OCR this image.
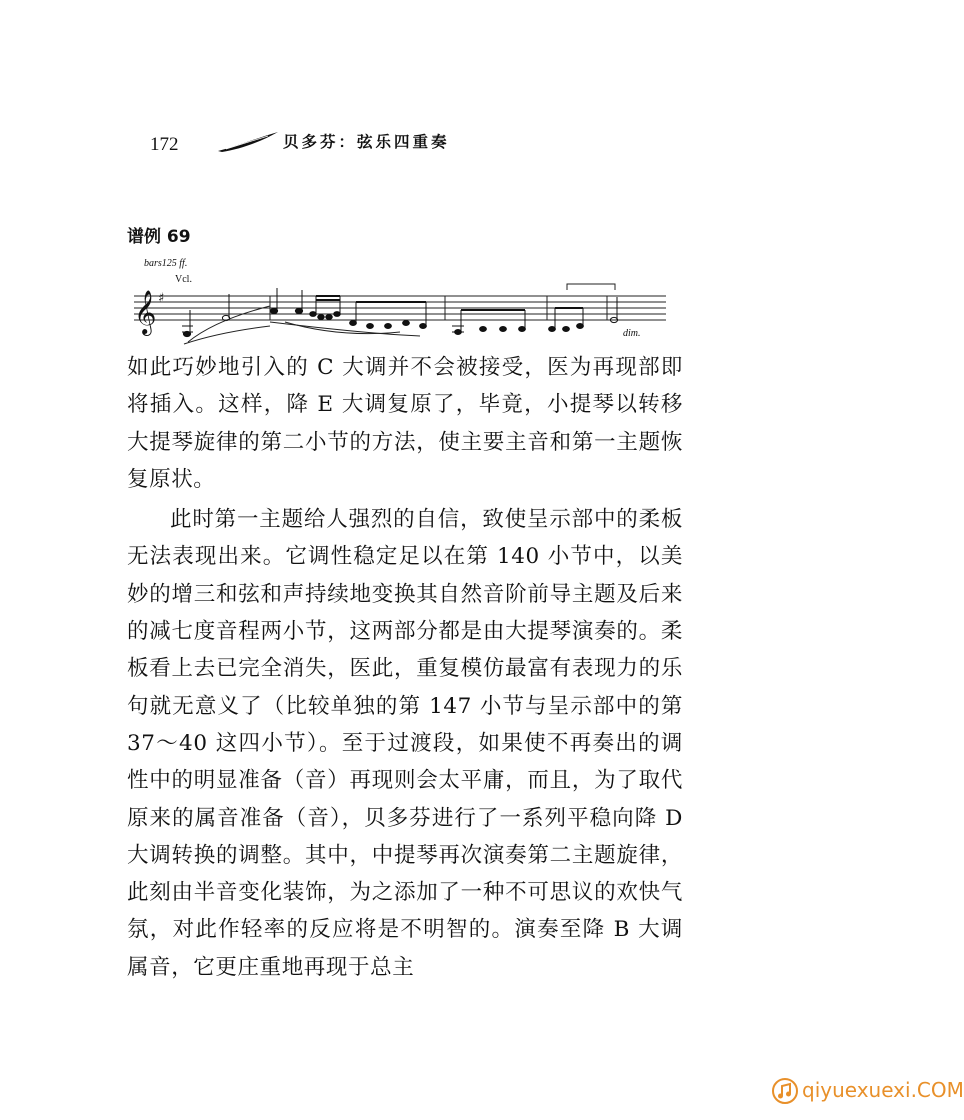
172	贝多芬：弦乐四重奏
谱例 69
bars125 ff.
Vcl.
𝄞 ♯
dim.

如此巧妙地引入的 C 大调并不会被接受，医为再现部即将插入。这样，降 E 大调复原了，毕竟，小提琴以转移大提琴旋律的第二小节的方法，使主要主音和第一主题恢复原状。

此时第一主题给人强烈的自信，致使呈示部中的柔板无法表现出来。它调性稳定足以在第 140 小节中，以美妙的增三和弦和声持续地变换其自然音阶前导主题及后来的减七度音程两小节，这两部分都是由大提琴演奏的。柔板看上去已完全消失，医此，重复模仿最富有表现力的乐句就无意义了（比较单独的第 147 小节与呈示部中的第 37～40 这四小节）。至于过渡段，如果使不再奏出的调性中的明显准备（音）再现则会太平庸，而且，为了取代原来的属音准备（音），贝多芬进行了一系列平稳向降 D 大调转换的调整。其中，中提琴再次演奏第二主题旋律，此刻由半音变化装饰，为之添加了一种不可思议的欢快气氛，对此作轻率的反应将是不明智的。演奏至降 B 大调属音，它更庄重地再现于总主

qiyuexuexi.COM
